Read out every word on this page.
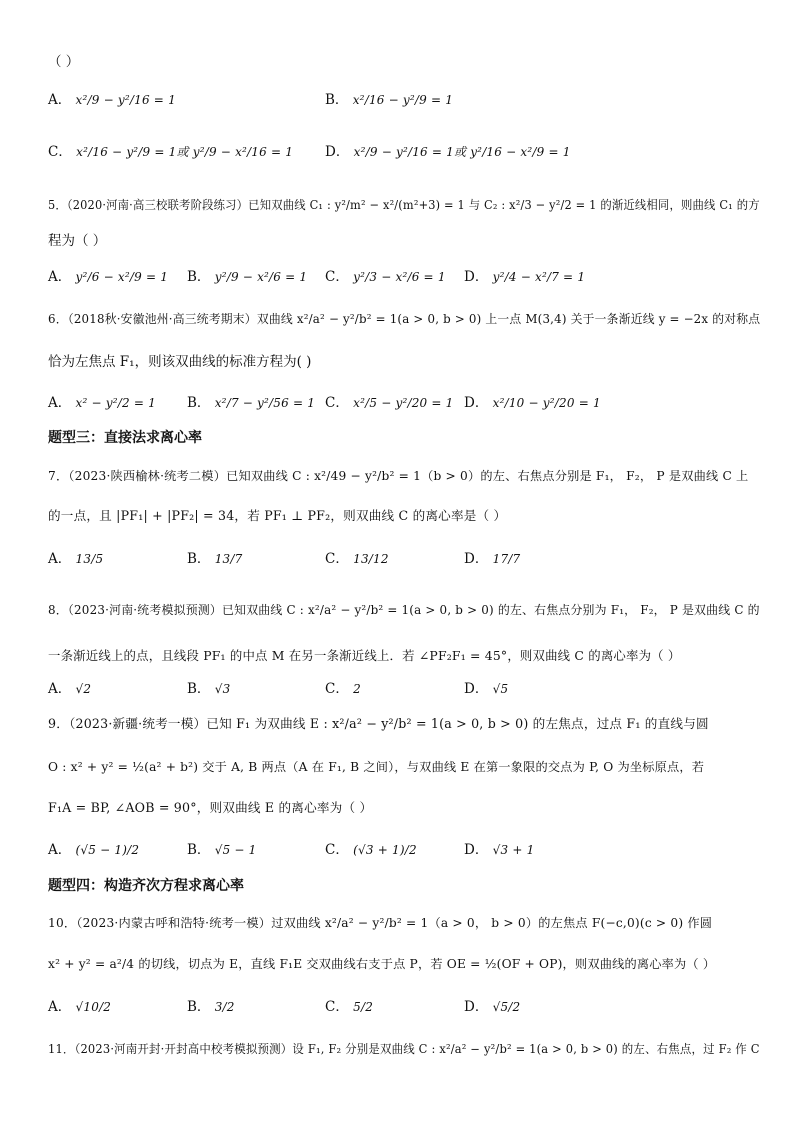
（ ）
A． x²/9 − y²/16 = 1	B． x²/16 − y²/9 = 1
C． x²/16 − y²/9 = 1或 y²/9 − x²/16 = 1 D． x²/9 − y²/16 = 1或 y²/16 − x²/9 = 1
5．（2020·河南·高三校联考阶段练习）已知双曲线 C₁ : y²/m² − x²/(m²+3) = 1 与 C₂ : x²/3 − y²/2 = 1 的渐近线相同，则曲线 C₁ 的方
程为（ ）
A． y²/6 − x²/9 = 1 B． y²/9 − x²/6 = 1 C． y²/3 − x²/6 = 1 D． y²/4 − x²/7 = 1
6．（2018秋·安徽池州·高三统考期末）双曲线 x²/a² − y²/b² = 1(a > 0, b > 0) 上一点 M(3,4) 关于一条渐近线 y = −2x 的对称点
恰为左焦点 F₁，则该双曲线的标准方程为( )
A． x² − y²/2 = 1 B． x²/7 − y²/56 = 1 C． x²/5 − y²/20 = 1 D． x²/10 − y²/20 = 1
题型三：直接法求离心率
7．（2023·陕西榆林·统考二模）已知双曲线 C : x²/49 − y²/b² = 1（b > 0）的左、右焦点分别是 F₁， F₂， P 是双曲线 C 上
的一点，且 |PF₁| + |PF₂| = 34，若 PF₁ ⊥ PF₂，则双曲线 C 的离心率是（ ）
A． 13/5	B． 13/7	C． 13/12	D． 17/7
8．（2023·河南·统考模拟预测）已知双曲线 C : x²/a² − y²/b² = 1(a > 0, b > 0) 的左、右焦点分别为 F₁， F₂， P 是双曲线 C 的
一条渐近线上的点，且线段 PF₁ 的中点 M 在另一条渐近线上．若 ∠PF₂F₁ = 45°，则双曲线 C 的离心率为（ ）
A． √2	B． √3	C． 2	D． √5
9．（2023·新疆·统考一模）已知 F₁ 为双曲线 E : x²/a² − y²/b² = 1(a > 0, b > 0) 的左焦点，过点 F₁ 的直线与圆
O : x² + y² = ½(a² + b²) 交于 A, B 两点（A 在 F₁, B 之间），与双曲线 E 在第一象限的交点为 P, O 为坐标原点，若
F₁A = BP, ∠AOB = 90°，则双曲线 E 的离心率为（ ）
A． (√5 − 1)/2	B． √5 − 1	C． (√3 + 1)/2	D． √3 + 1
题型四：构造齐次方程求离心率
10．（2023·内蒙古呼和浩特·统考一模）过双曲线 x²/a² − y²/b² = 1（a > 0， b > 0）的左焦点 F(−c,0)(c > 0) 作圆
x² + y² = a²/4 的切线，切点为 E，直线 F₁E 交双曲线右支于点 P，若 OE = ½(OF + OP)，则双曲线的离心率为（ ）
A． √10/2	B． 3/2	C． 5/2	D． √5/2
11．（2023·河南开封·开封高中校考模拟预测）设 F₁, F₂ 分别是双曲线 C : x²/a² − y²/b² = 1(a > 0, b > 0) 的左、右焦点，过 F₂ 作 C
